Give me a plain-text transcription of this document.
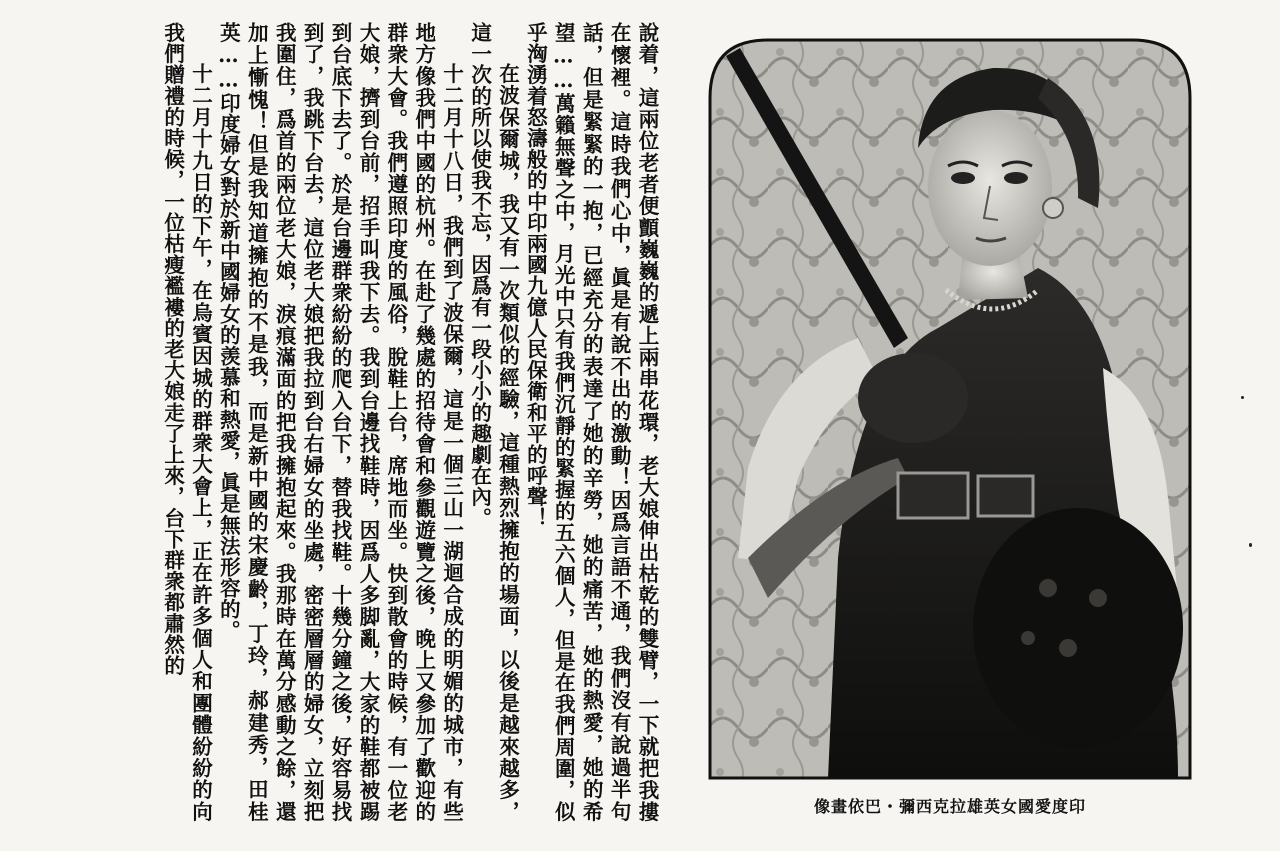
說着，這兩位老者便顫巍巍的遞上兩串花環，老大娘伸出枯乾的雙臂，一下就把我摟在懷裡。這時我們心中，眞是有說不出的激動！因爲言語不通，我們沒有說過半句話，但是緊緊的一抱，已經充分的表達了她的辛勞，她的痛苦，她的熱愛，她的希望……萬籟無聲之中，月光中只有我們沉靜的緊握的五六個人，但是在我們周圍，似乎洶湧着怒濤般的中印兩國九億人民保衛和平的呼聲！

在波保爾城，我又有一次類似的經驗，這種熱烈擁抱的場面，以後是越來越多，這一次的所以使我不忘，因爲有一段小小的趣劇在內。

十二月十八日，我們到了波保爾，這是一個三山一湖迴合成的明媚的城市，有些地方像我們中國的杭州。在赴了幾處的招待會和參觀遊覽之後，晚上又參加了歡迎的群衆大會。我們遵照印度的風俗，脫鞋上台，席地而坐。快到散會的時候，有一位老大娘，擠到台前，招手叫我下去。我到台邊找鞋時，因爲人多脚亂，大家的鞋都被踢到台底下去了。於是台邊群衆紛紛的爬入台下，替我找鞋。十幾分鐘之後，好容易找到了，我跳下台去，這位老大娘把我拉到台右婦女的坐處，密密層層的婦女，立刻把我圍住，爲首的兩位老大娘，淚痕滿面的把我擁抱起來。我那時在萬分感動之餘，還加上慚愧！但是我知道擁抱的不是我，而是新中國的宋慶齡，丁玲，郝建秀，田桂英……印度婦女對於新中國婦女的羡慕和熱愛，眞是無法形容的。

十二月十九日的下午，在烏賓因城的群衆大會上，正在許多個人和團體紛紛的向我們贈禮的時候，一位枯瘦襤褸的老大娘走了上來，台下群衆都肅然的

印度愛國女英雄拉克西彌・巴依畫像
